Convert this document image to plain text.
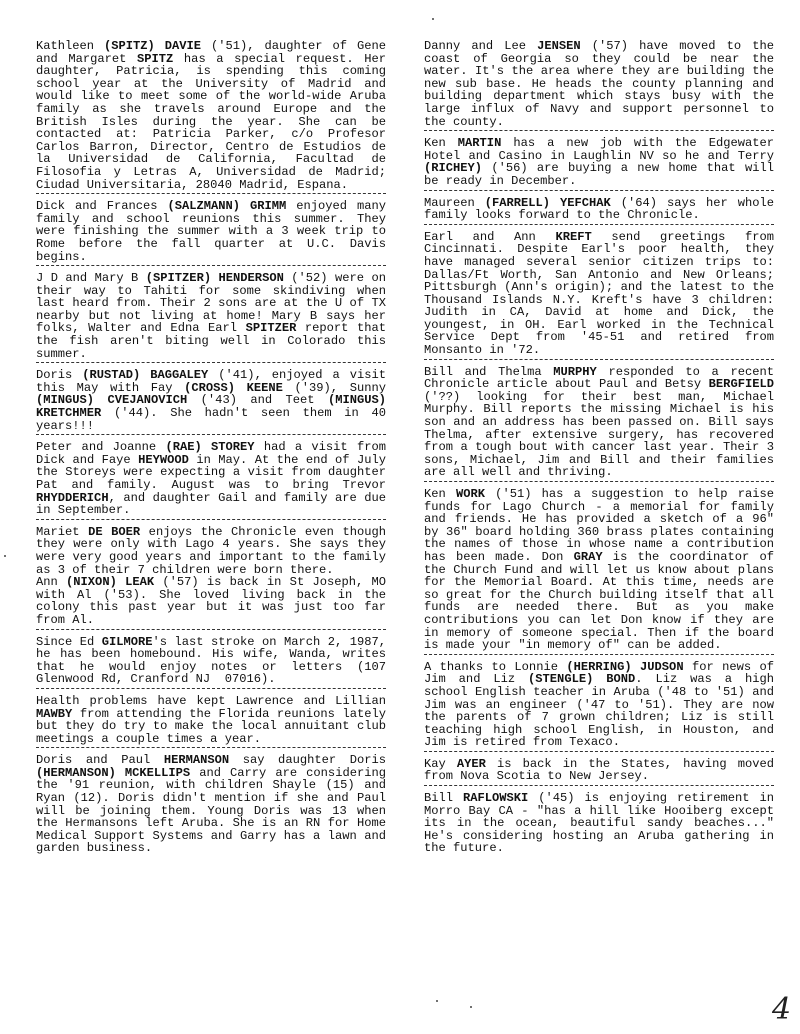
Kathleen (SPITZ) DAVIE ('51), daughter of Gene and Margaret SPITZ has a special request. Her daughter, Patricia, is spending this coming school year at the University of Madrid and would like to meet some of the world-wide Aruba family as she travels around Europe and the British Isles during the year. She can be contacted at: Patricia Parker, c/o Profesor Carlos Barron, Director, Centro de Estudios de la Universidad de California, Facultad de Filosofia y Letras A, Universidad de Madrid; Ciudad Universitaria, 28040 Madrid, Espana.

Dick and Frances (SALZMANN) GRIMM enjoyed many family and school reunions this summer. They were finishing the summer with a 3 week trip to Rome before the fall quarter at U.C. Davis begins.

J D and Mary B (SPITZER) HENDERSON ('52) were on their way to Tahiti for some skindiving when last heard from. Their 2 sons are at the U of TX nearby but not living at home! Mary B says her folks, Walter and Edna Earl SPITZER report that the fish aren't biting well in Colorado this summer.

Doris (RUSTAD) BAGGALEY ('41), enjoyed a visit this May with Fay (CROSS) KEENE ('39), Sunny (MINGUS) CVEJANOVICH ('43) and Teet (MINGUS) KRETCHMER ('44). She hadn't seen them in 40 years!!!

Peter and Joanne (RAE) STOREY had a visit from Dick and Faye HEYWOOD in May. At the end of July the Storeys were expecting a visit from daughter Pat and family. August was to bring Trevor RHYDDERICH, and daughter Gail and family are due in September.

Mariet DE BOER enjoys the Chronicle even though they were only with Lago 4 years. She says they were very good years and important to the family as 3 of their 7 children were born there.
Ann (NIXON) LEAK ('57) is back in St Joseph, MO with Al ('53). She loved living back in the colony this past year but it was just too far from Al.

Since Ed GILMORE's last stroke on March 2, 1987, he has been homebound. His wife, Wanda, writes that he would enjoy notes or letters (107 Glenwood Rd, Cranford NJ  07016).

Health problems have kept Lawrence and Lillian MAWBY from attending the Florida reunions lately but they do try to make the local annuitant club meetings a couple times a year.

Doris and Paul HERMANSON say daughter Doris (HERMANSON) MCKELLIPS and Carry are considering the '91 reunion, with children Shayle (15) and Ryan (12). Doris didn't mention if she and Paul will be joining them. Young Doris was 13 when the Hermansons left Aruba. She is an RN for Home Medical Support Systems and Garry has a lawn and garden business.

Danny and Lee JENSEN ('57) have moved to the coast of Georgia so they could be near the water. It's the area where they are building the new sub base. He heads the county planning and building department which stays busy with the large influx of Navy and support personnel to the county.

Ken MARTIN has a new job with the Edgewater Hotel and Casino in Laughlin NV so he and Terry (RICHEY) ('56) are buying a new home that will be ready in December.

Maureen (FARRELL) YEFCHAK ('64) says her whole family looks forward to the Chronicle.

Earl and Ann KREFT send greetings from Cincinnati. Despite Earl's poor health, they have managed several senior citizen trips to: Dallas/Ft Worth, San Antonio and New Orleans; Pittsburgh (Ann's origin); and the latest to the Thousand Islands N.Y. Kreft's have 3 children: Judith in CA, David at home and Dick, the youngest, in OH. Earl worked in the Technical Service Dept from '45-51 and retired from Monsanto in '72.

Bill and Thelma MURPHY responded to a recent Chronicle article about Paul and Betsy BERGFIELD ('??) looking for their best man, Michael Murphy. Bill reports the missing Michael is his son and an address has been passed on. Bill says Thelma, after extensive surgery, has recovered from a tough bout with cancer last year. Their 3 sons, Michael, Jim and Bill and their families are all well and thriving.

Ken WORK ('51) has a suggestion to help raise funds for Lago Church - a memorial for family and friends. He has provided a sketch of a 96" by 36" board holding 360 brass plates containing the names of those in whose name a contribution has been made. Don GRAY is the coordinator of the Church Fund and will let us know about plans for the Memorial Board. At this time, needs are so great for the Church building itself that all funds are needed there. But as you make contributions you can let Don know if they are in memory of someone special. Then if the board is made your "in memory of" can be added.

A thanks to Lonnie (HERRING) JUDSON for news of Jim and Liz (STENGLE) BOND. Liz was a high school English teacher in Aruba ('48 to '51) and Jim was an engineer ('47 to '51). They are now the parents of 7 grown children; Liz is still teaching high school English, in Houston, and Jim is retired from Texaco.

Kay AYER is back in the States, having moved from Nova Scotia to New Jersey.

Bill RAFLOWSKI ('45) is enjoying retirement in Morro Bay CA - "has a hill like Hooiberg except its in the ocean, beautiful sandy beaches..." He's considering hosting an Aruba gathering in the future.

4
